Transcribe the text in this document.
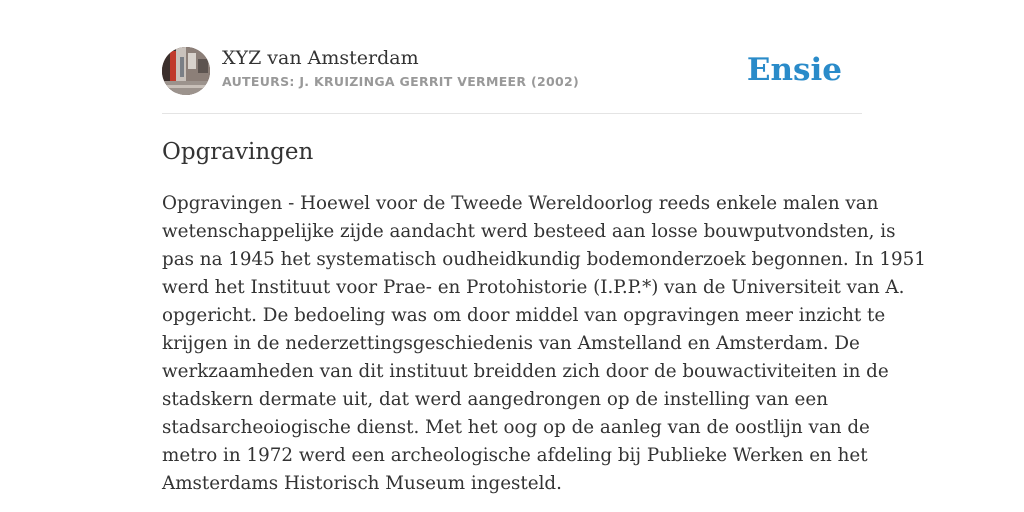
XYZ van Amsterdam
AUTEURS: J. KRUIZINGA GERRIT VERMEER (2002)	Ensie
Opgravingen

Opgravingen - Hoewel voor de Tweede Wereldoorlog reeds enkele malen van
wetenschappelijke zijde aandacht werd besteed aan losse bouwputvondsten, is
pas na 1945 het systematisch oudheidkundig bodemonderzoek begonnen. In 1951
werd het Instituut voor Prae- en Protohistorie (I.P.P.*) van de Universiteit van A.
opgericht. De bedoeling was om door middel van opgravingen meer inzicht te
krijgen in de nederzettingsgeschiedenis van Amstelland en Amsterdam. De
werkzaamheden van dit instituut breidden zich door de bouwactiviteiten in de
stadskern dermate uit, dat werd aangedrongen op de instelling van een
stadsarcheoiogische dienst. Met het oog op de aanleg van de oostlijn van de
metro in 1972 werd een archeologische afdeling bij Publieke Werken en het
Amsterdams Historisch Museum ingesteld.
